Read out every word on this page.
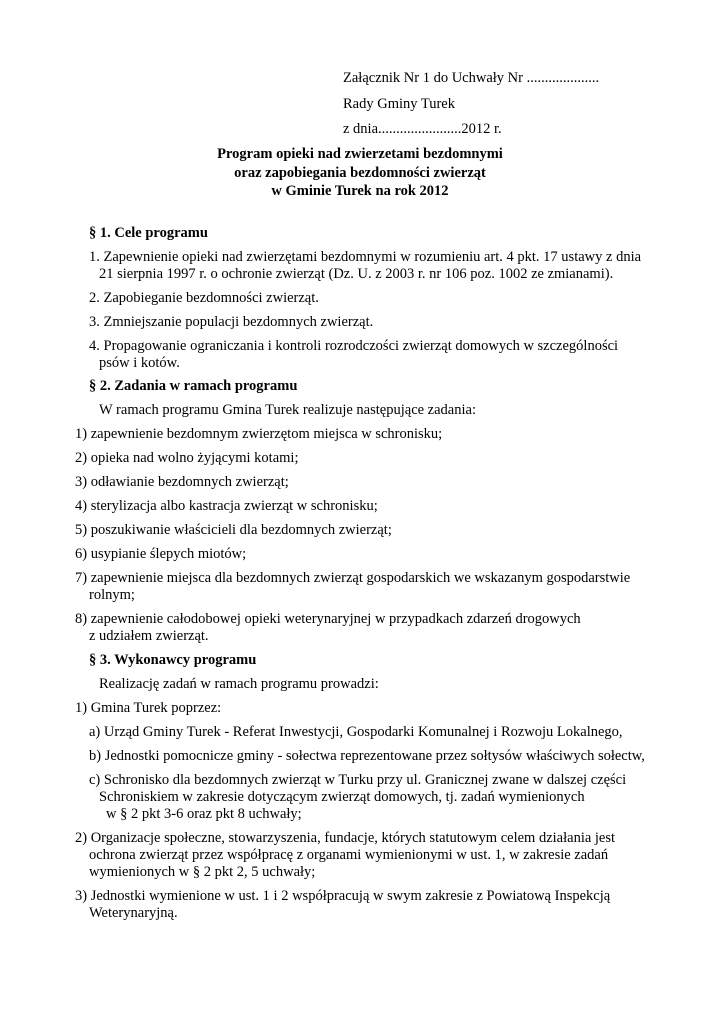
Załącznik Nr 1 do Uchwały Nr ....................
Rady Gminy Turek
z dnia.......................2012 r.
Program opieki nad zwierzetami bezdomnymi
oraz zapobiegania bezdomności zwierząt
w Gminie Turek na rok 2012
§ 1. Cele programu
1. Zapewnienie opieki nad zwierzętami bezdomnymi w rozumieniu art. 4 pkt. 17 ustawy z dnia
21 sierpnia 1997 r. o ochronie zwierząt (Dz. U. z 2003 r. nr 106 poz. 1002 ze zmianami).
2. Zapobieganie bezdomności zwierząt.
3. Zmniejszanie populacji bezdomnych zwierząt.
4. Propagowanie ograniczania i kontroli rozrodczości zwierząt domowych w szczególności
psów i kotów.
§ 2. Zadania w ramach programu
W ramach programu Gmina Turek realizuje następujące zadania:
1) zapewnienie bezdomnym zwierzętom miejsca w schronisku;
2) opieka nad wolno żyjącymi kotami;
3) odławianie bezdomnych zwierząt;
4) sterylizacja albo kastracja zwierząt w schronisku;
5) poszukiwanie właścicieli dla bezdomnych zwierząt;
6) usypianie ślepych miotów;
7) zapewnienie miejsca dla bezdomnych zwierząt gospodarskich we wskazanym gospodarstwie
rolnym;
8) zapewnienie całodobowej opieki weterynaryjnej w przypadkach zdarzeń drogowych
z udziałem zwierząt.
§ 3. Wykonawcy programu
Realizację zadań w ramach programu prowadzi:
1) Gmina Turek poprzez:
a) Urząd Gminy Turek - Referat Inwestycji, Gospodarki Komunalnej i Rozwoju Lokalnego,
b) Jednostki pomocnicze gminy - sołectwa reprezentowane przez sołtysów właściwych sołectw,
c) Schronisko dla bezdomnych zwierząt w Turku przy ul. Granicznej zwane w dalszej części
Schroniskiem w zakresie dotyczącym zwierząt domowych, tj. zadań wymienionych
w § 2 pkt 3-6 oraz pkt 8 uchwały;
2) Organizacje społeczne, stowarzyszenia, fundacje, których statutowym celem działania jest
ochrona zwierząt przez współpracę z organami wymienionymi w ust. 1, w zakresie zadań
wymienionych w § 2 pkt 2, 5 uchwały;
3) Jednostki wymienione w ust. 1 i 2 współpracują w swym zakresie z Powiatową Inspekcją
Weterynaryjną.
